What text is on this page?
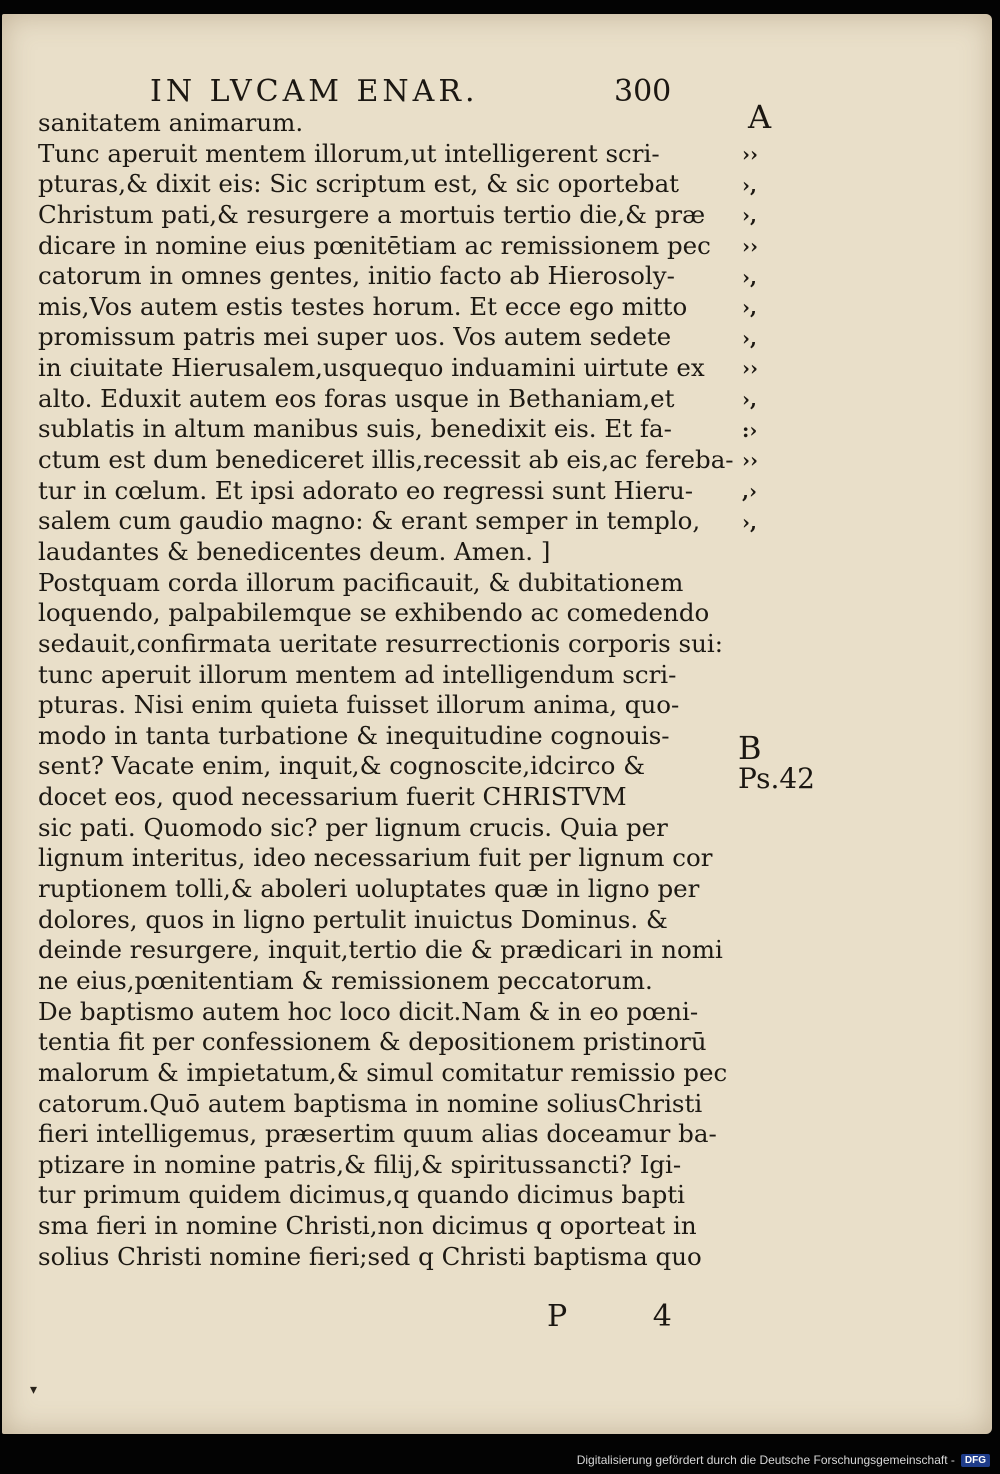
IN LVCAM ENAR.	300
A
B
Ps.42
sanitatem animarum.
Tunc aperuit mentem illorum,ut intelligerent scri-
pturas,& dixit eis: Sic scriptum est, & sic oportebat
Christum pati,& resurgere a mortuis tertio die,& præ
dicare in nomine eius pœnitētiam ac remissionem pec
catorum in omnes gentes, initio facto ab Hierosoly-
mis,Vos autem estis testes horum. Et ecce ego mitto
promissum patris mei super uos. Vos autem sedete
in ciuitate Hierusalem,usquequo induamini uirtute ex
alto. Eduxit autem eos foras usque in Bethaniam,et
sublatis in altum manibus suis, benedixit eis. Et fa-
ctum est dum benediceret illis,recessit ab eis,ac fereba-
tur in cœlum. Et ipsi adorato eo regressi sunt Hieru-
salem cum gaudio magno: & erant semper in templo,
laudantes & benedicentes deum. Amen. ]
Postquam corda illorum pacificauit, & dubitationem
loquendo, palpabilemque se exhibendo ac comedendo
sedauit,confirmata ueritate resurrectionis corporis sui:
tunc aperuit illorum mentem ad intelligendum scri-
pturas. Nisi enim quieta fuisset illorum anima, quo-
modo in tanta turbatione & inequitudine cognouis-
sent? Vacate enim, inquit,& cognoscite,idcirco &
docet eos, quod necessarium fuerit CHRISTVM
sic pati. Quomodo sic? per lignum crucis. Quia per
lignum interitus, ideo necessarium fuit per lignum cor
ruptionem tolli,& aboleri uoluptates quæ in ligno per
dolores, quos in ligno pertulit inuictus Dominus. &
deinde resurgere, inquit,tertio die & prædicari in nomi
ne eius,pœnitentiam & remissionem peccatorum.
De baptismo autem hoc loco dicit.Nam & in eo pœni-
tentia fit per confessionem & depositionem pristinorū
malorum & impietatum,& simul comitatur remissio pec
catorum.Quō autem baptisma in nomine soliusChristi
fieri intelligemus, præsertim quum alias doceamur ba-
ptizare in nomine patris,& filij,& spiritussancti? Igi-
tur primum quidem dicimus,q quando dicimus bapti
sma fieri in nomine Christi,non dicimus q oporteat in
solius Christi nomine fieri;sed q Christi baptisma quo
››
›,
›,
››
›,
›,
›,
››
›,
:›
››
,›
›,
P 4
▾
Digitalisierung gefördert durch die Deutsche Forschungsgemeinschaft -	DFG
